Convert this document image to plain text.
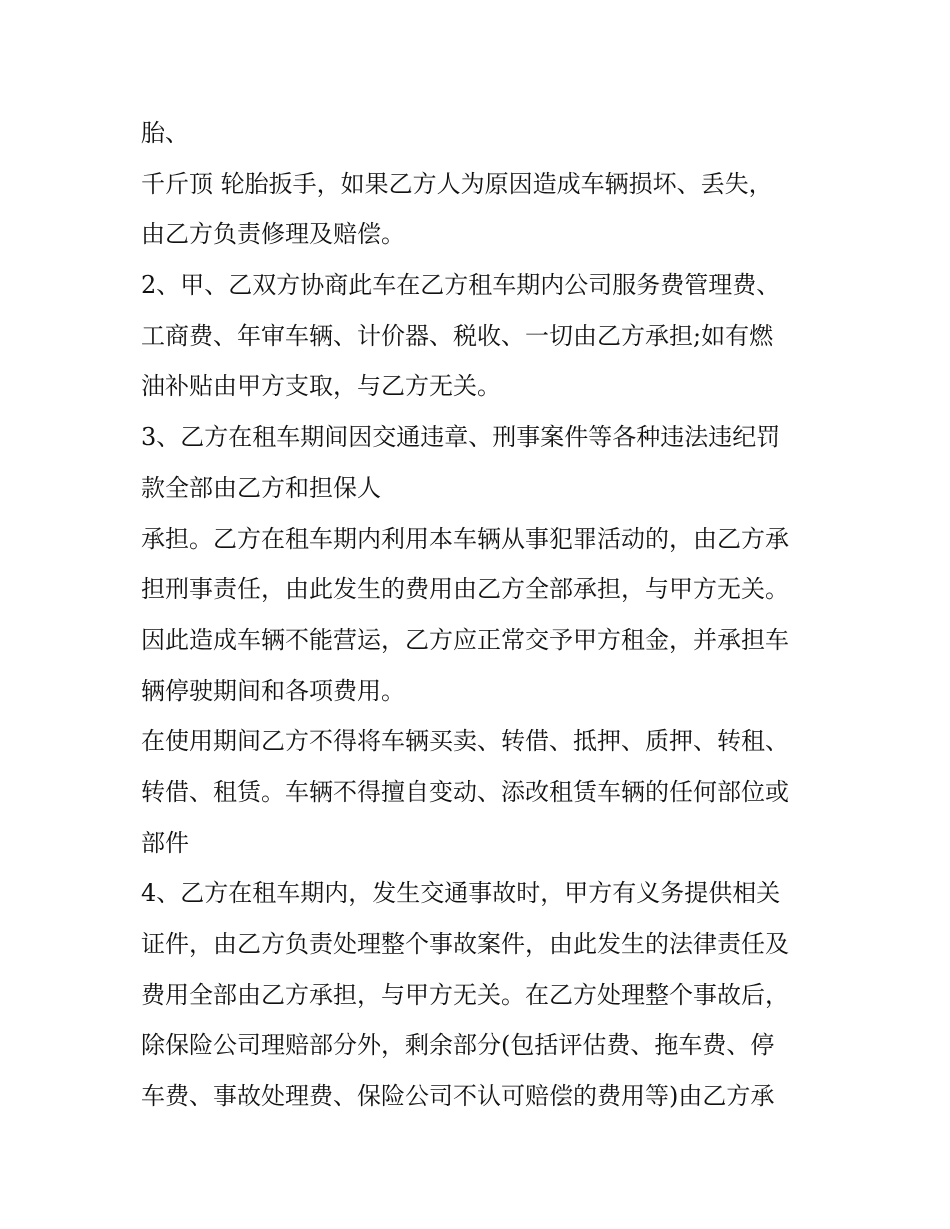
胎、

千斤顶 轮胎扳手，如果乙方人为原因造成车辆损坏、丢失，

由乙方负责修理及赔偿。

2、甲、乙双方协商此车在乙方租车期内公司服务费管理费、

工商费、年审车辆、计价器、税收、一切由乙方承担;如有燃

油补贴由甲方支取，与乙方无关。

3、乙方在租车期间因交通违章、刑事案件等各种违法违纪罚

款全部由乙方和担保人

承担。乙方在租车期内利用本车辆从事犯罪活动的，由乙方承

担刑事责任，由此发生的费用由乙方全部承担，与甲方无关。

因此造成车辆不能营运，乙方应正常交予甲方租金，并承担车

辆停驶期间和各项费用。

在使用期间乙方不得将车辆买卖、转借、抵押、质押、转租、

转借、租赁。车辆不得擅自变动、添改租赁车辆的任何部位或

部件

4、乙方在租车期内，发生交通事故时，甲方有义务提供相关

证件，由乙方负责处理整个事故案件，由此发生的法律责任及

费用全部由乙方承担，与甲方无关。在乙方处理整个事故后，

除保险公司理赔部分外，剩余部分(包括评估费、拖车费、停

车费、事故处理费、保险公司不认可赔偿的费用等)由乙方承
